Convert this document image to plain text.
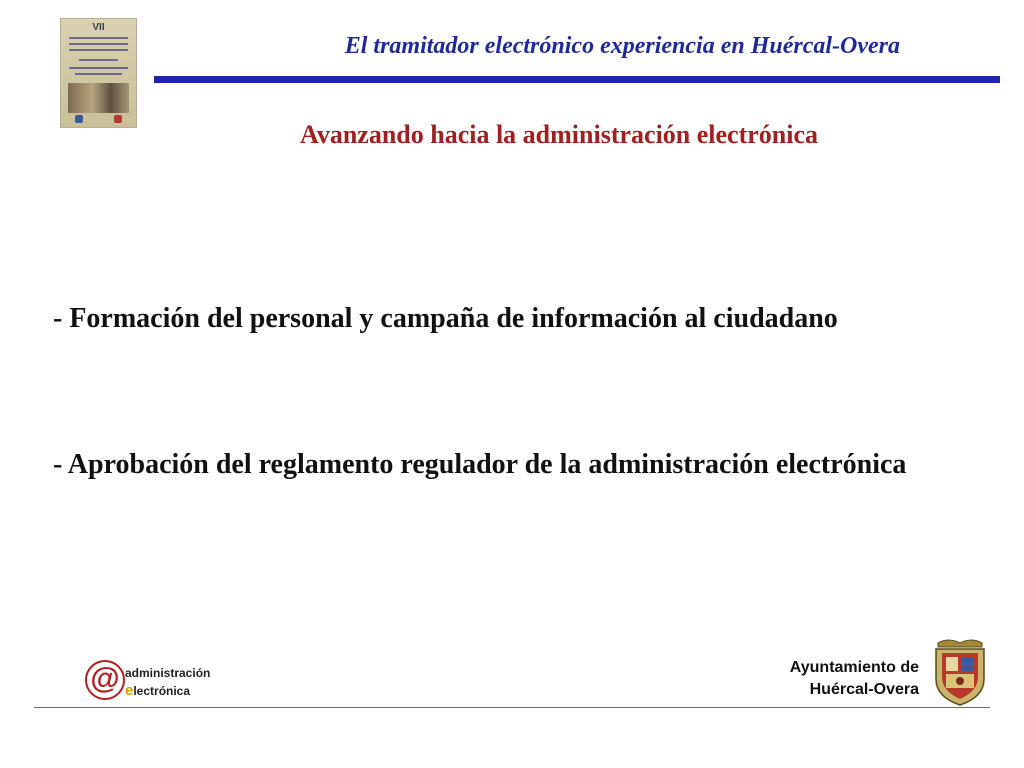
VII
El tramitador electrónico experiencia en Huércal-Overa
Avanzando hacia la administración electrónica
- Formación del personal y campaña de información al ciudadano
- Aprobación del reglamento regulador de la administración electrónica
@ administración
electrónica
Ayuntamiento de
Huércal-Overa
